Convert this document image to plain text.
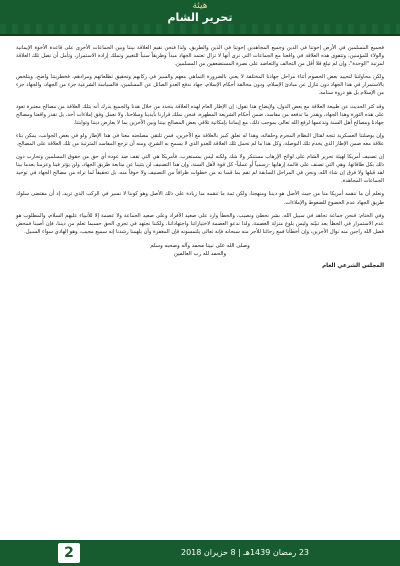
هيئة
تحرير الشام

فجميع المسلمين في الأرض إخوتنا في الدين وجميع المجاهدين إخوتنا في الدين والطريق، ولذا فنحن نقيم العلاقة بيننا وبين الجماعات الأخرى على قاعدة الأخوة الإيمانية والولاء للمؤمنين، وتتقوى هذه العلاقة في واقعنا مع الجماعات التي نرى أنها لا تزال تعتمد الجهاد مبدأ وطريقاً سنياً للتغيير وتملك إرادة الاستمرار، وتأمل أن تصل تلك العلاقة لمرتبة "الوحدة"، وإن لم تبلغ فلا أقل من التحالف والتعاضد على نصرة المستضعفين من المسلمين.

ولكن محاولتنا لتحييد بعض الخصوم أثناء مراحل جهادنا المختلفة لا يعني بالضرورة التماهي معهم والسير في ركابهم وتحقيق تطلعاتهم ومرادهم، فخطريتنا واضح، ويتلخص بالاستمرار في هذا الجهاد دون تنازل عن مبادئ الإسلام، ودون مخالفة أحكام الإسلام، جهاد ندفع العدو الصائل عن المسلمين، فالسياسة الشرعية جزء من الجهاد، والجهاد جزء من الإسلام بل هو ذروة سنامه.

وقد كثر الحديث عن طبيعة العلاقة مع بعض الدول، ولإيضاح هذا نقول: إن الإطار العام لهذه العلاقة يتحدد من خلال هدنا والجميع يدرك أنه بتلك العلاقة من مصالح معتبرة تعود على هذه الثورة وهذا الجهاد، ويقدر ما تدفعه من مفاسد، ضمن أحكام الشريعة المطهرة، فنحن نملك قرارنا بأيدينا وسلاحنا، ولا نعمل وفق إملاءات أحد، بل نقدر واقعنا ومصالح جهادنا ومصالح أهل السنة وندعمها لرفع الله تعالى بموجب ذلك، مع إيماننا بإمكانية تلاقي بعض المصالح بيننا وبين الآخرين بما لا يعارض ديننا وثوابتنا.

وإن بوصلتنا العسكرية تتجه لقتال النظام المجرم وحلفائه، وهذا له تعلق كبير بالعلاقة مع الآخرين، فمن تلتقي مصلحته معنا في هذا الإطار ولو في بعض الجوانب، يمكن بناء علاقة معه ضمن الإطار الذي يخدم تلك البوصلة، وكل هذا ما لم تحمل تلك العلاقة للعدو الذي لا يسمح به الشرع، ومنه أن ترجع المفاسد المترتبة من تلك العلاقة على المصالح.

إن تصنيف أمريكا لهيئة تحرير الشام على لوائح الإرهاب مستنكر ولا شك ولكنه ليس بمستغرب، فأمريكا هي التي تقف ضد عودة أي حق من حقوق المسلمين وتحارب دون ذلك بكل طاقاتها، وهي التي تصنف على قائمة إرهابها -رسمياً أو عملياً- كل قوة لأهل السنة، وإن هذا التصنيف لن يثنينا عن متابعة طريق الجهاد، ولن يؤثر فينا وعزمنا بعدما بينا لقد قيلها ولا فرق إن شاء الله، ونحن في المراحل السابقة لم نقم بما قمنا به من خطوات ظرافاً من التصنيف ولا خوفاً منه، بل تحقيقاً لما نراه من مصالح الجهاد في توحيد الجماعات المجاهدة.

ونعلم أن ما تنقمه أمريكا منا من حيث الأصل هو ديننا ومنهجنا، ولكن ثمة ما تنقمه منا زيادة على ذلك الأصل وهو كوننا لا نسير في الركب الذي تريد، إذ أن مقتضى سلوك طريق الجهاد عدم الخضوع للضغوط والإملاءات.

وفي الختام: فنحن جماعة تجاهد في سبيل الله، بشر نخطئ ونصيب، والخطأ وارد على صعيد الأفراد وعلى صعيد الجماعة ولا عصمة إلا للأنبياء عليهم السلام، والمطلوب هو عدم الاستمرار في الخطأ بعد تبيّنه وليس بلوغ منزلة العصمة، ولذا ندعو العصمة لاختياراتنا واجتهاداتنا، ولكننا نجتهد في تحري الحق حسبما تعلم من ديننا، فإن أصبنا فمحض فضل الله راجين منه نوال الأجرين، وإن أخطأنا فمع رجائنا للأجر منه سبحانه فإنه تعالى يلتمسونه فإن المغفرة وأن يلهمنا رشدنا إنه سميع مجيب، وهو الهادي سواء السبيل.

وصلى الله على نبينا محمد وآله وصحبه وسلم
والحمد لله رب العالمين
المجلس الشرعي العام
2	23 رمضان 1439هـ | 8 حزيران 2018
